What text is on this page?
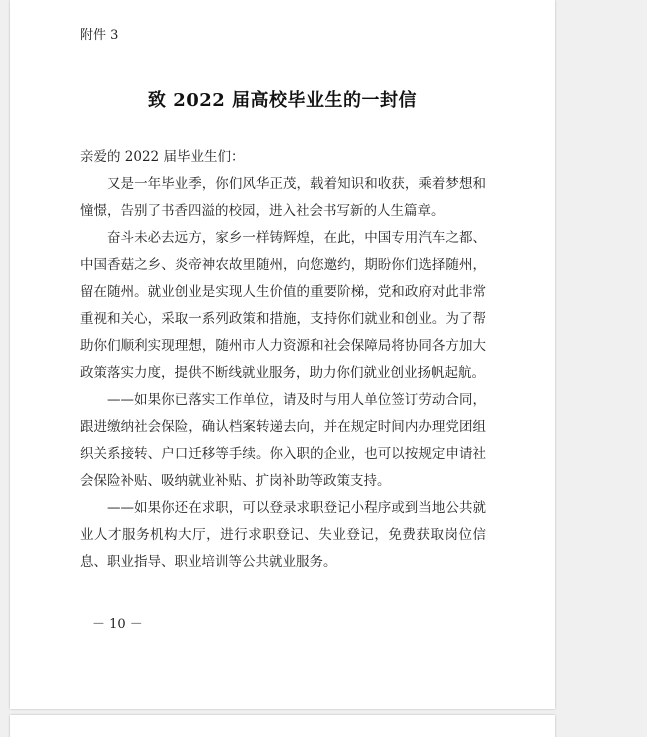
附件 3
致 2022 届高校毕业生的一封信

亲爱的 2022 届毕业生们：

又是一年毕业季，你们风华正茂，载着知识和收获，乘着梦想和憧憬，告别了书香四溢的校园，进入社会书写新的人生篇章。

奋斗未必去远方，家乡一样铸辉煌，在此，中国专用汽车之都、中国香菇之乡、炎帝神农故里随州，向您邀约，期盼你们选择随州，留在随州。就业创业是实现人生价值的重要阶梯，党和政府对此非常重视和关心，采取一系列政策和措施，支持你们就业和创业。为了帮助你们顺利实现理想，随州市人力资源和社会保障局将协同各方加大政策落实力度，提供不断线就业服务，助力你们就业创业扬帆起航。

——如果你已落实工作单位，请及时与用人单位签订劳动合同，跟进缴纳社会保险，确认档案转递去向，并在规定时间内办理党团组织关系接转、户口迁移等手续。你入职的企业，也可以按规定申请社会保险补贴、吸纳就业补贴、扩岗补助等政策支持。

——如果你还在求职，可以登录求职登记小程序或到当地公共就业人才服务机构大厅，进行求职登记、失业登记，免费获取岗位信息、职业指导、职业培训等公共就业服务。

－ 10 －
